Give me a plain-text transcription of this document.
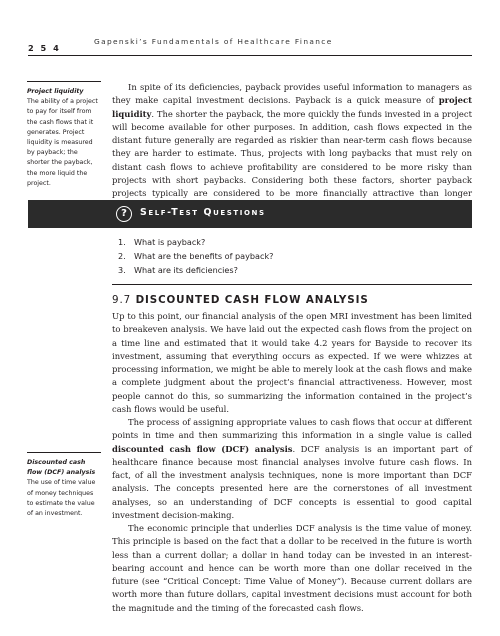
2 5 4
Gapenski’s Fundamentals of Healthcare Finance
Project liquidity
The ability of a project to pay for itself from the cash flows that it generates. Project liquidity is measured by payback; the shorter the payback, the more liquid the project.

In spite of its deficiencies, payback provides useful information to managers as they make capital investment decisions. Payback is a quick measure of project liquidity. The shorter the payback, the more quickly the funds invested in a project will become available for other purposes. In addition, cash flows expected in the distant future generally are regarded as riskier than near-term cash flows because they are harder to estimate. Thus, projects with long paybacks that must rely on distant cash flows to achieve profitability are considered to be more risky than projects with short paybacks. Considering both these factors, shorter payback projects typically are considered to be more financially attractive than longer

?	Self-Test Questions
1. What is payback?
2. What are the benefits of payback?
3. What are its deficiencies?
9.7 DISCOUNTED CASH FLOW ANALYSIS
Discounted cash flow (DCF) analysis
The use of time value of money techniques to estimate the value of an investment.

Up to this point, our financial analysis of the open MRI investment has been limited to breakeven analysis. We have laid out the expected cash flows from the project on a time line and estimated that it would take 4.2 years for Bayside to recover its investment, assuming that everything occurs as expected. If we were whizzes at processing information, we might be able to merely look at the cash flows and make a complete judgment about the project’s financial attractiveness. However, most people cannot do this, so summarizing the information contained in the project’s cash flows would be useful.

The process of assigning appropriate values to cash flows that occur at different points in time and then summarizing this information in a single value is called discounted cash flow (DCF) analysis. DCF analysis is an important part of healthcare finance because most financial analyses involve future cash flows. In fact, of all the investment analysis techniques, none is more important than DCF analysis. The concepts presented here are the cornerstones of all investment analyses, so an understanding of DCF concepts is essential to good capital investment decision-making.

The economic principle that underlies DCF analysis is the time value of money. This principle is based on the fact that a dollar to be received in the future is worth less than a current dollar; a dollar in hand today can be invested in an interest-bearing account and hence can be worth more than one dollar received in the future (see “Critical Concept: Time Value of Money”). Because current dollars are worth more than future dollars, capital investment decisions must account for both the magnitude and the timing of the forecasted cash flows.
